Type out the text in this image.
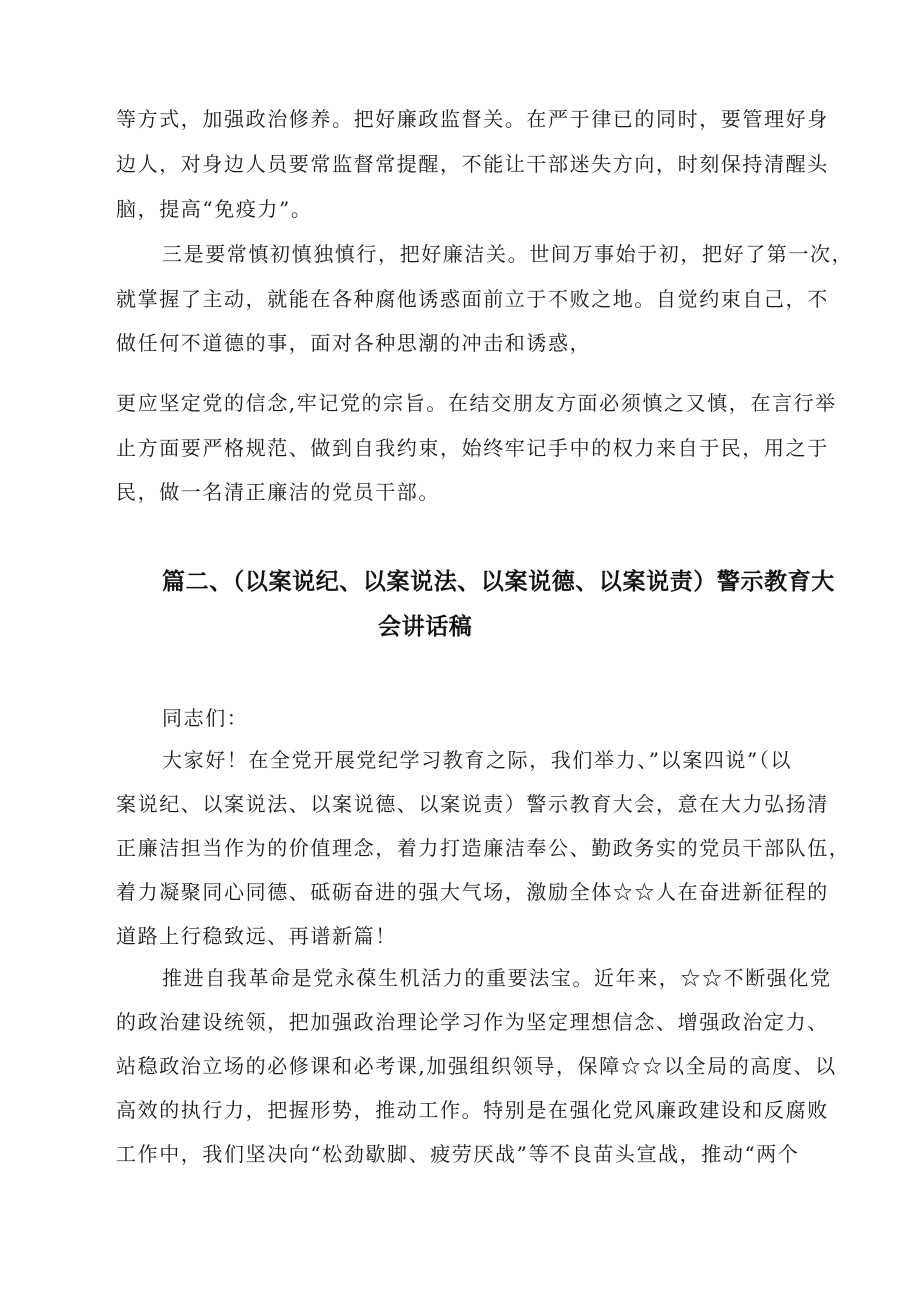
等方式，加强政治修养。把好廉政监督关。在严于律已的同时，要管理好身

边人，对身边人员要常监督常提醒，不能让干部迷失方向，时刻保持清醒头

脑，提高“免疫力”。

三是要常慎初慎独慎行，把好廉洁关。世间万事始于初，把好了第一次，

就掌握了主动，就能在各种腐他诱惑面前立于不败之地。自觉约束自己，不

做任何不道德的事，面对各种思潮的冲击和诱惑，

更应坚定党的信念,牢记党的宗旨。在结交朋友方面必须慎之又慎，在言行举

止方面要严格规范、做到自我约束，始终牢记手中的权力来自于民，用之于

民，做一名清正廉洁的党员干部。

篇二、（以案说纪、以案说法、以案说德、以案说责）警示教育大
会讲话稿

同志们：

大家好！在全党开展党纪学习教育之际，我们举力、”以案四说”（以

案说纪、以案说法、以案说德、以案说责）警示教育大会，意在大力弘扬清

正廉洁担当作为的价值理念，着力打造廉洁奉公、勤政务实的党员干部队伍，

着力凝聚同心同德、砥砺奋进的强大气场，激励全体☆☆人在奋进新征程的

道路上行稳致远、再谱新篇！

推进自我革命是党永葆生机活力的重要法宝。近年来，☆☆不断强化党

的政治建设统领，把加强政治理论学习作为坚定理想信念、增强政治定力、

站稳政治立场的必修课和必考课,加强组织领导，保障☆☆以全局的高度、以

高效的执行力，把握形势，推动工作。特别是在强化党风廉政建设和反腐败

工作中，我们坚决向“松劲歇脚、疲劳厌战”等不良苗头宣战，推动“两个
